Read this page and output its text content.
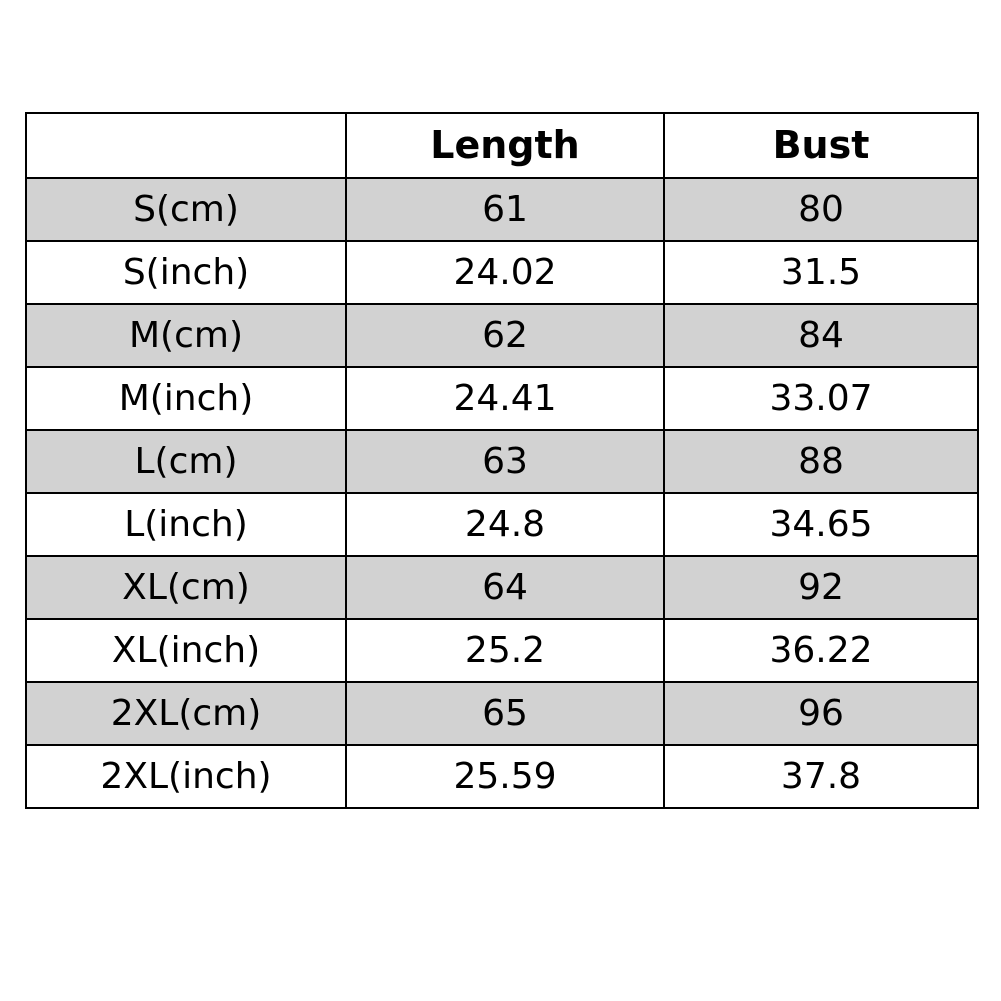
	Length	Bust
S(cm)	61	80
S(inch)	24.02	31.5
M(cm)	62	84
M(inch)	24.41	33.07
L(cm)	63	88
L(inch)	24.8	34.65
XL(cm)	64	92
XL(inch)	25.2	36.22
2XL(cm)	65	96
2XL(inch)	25.59	37.8
